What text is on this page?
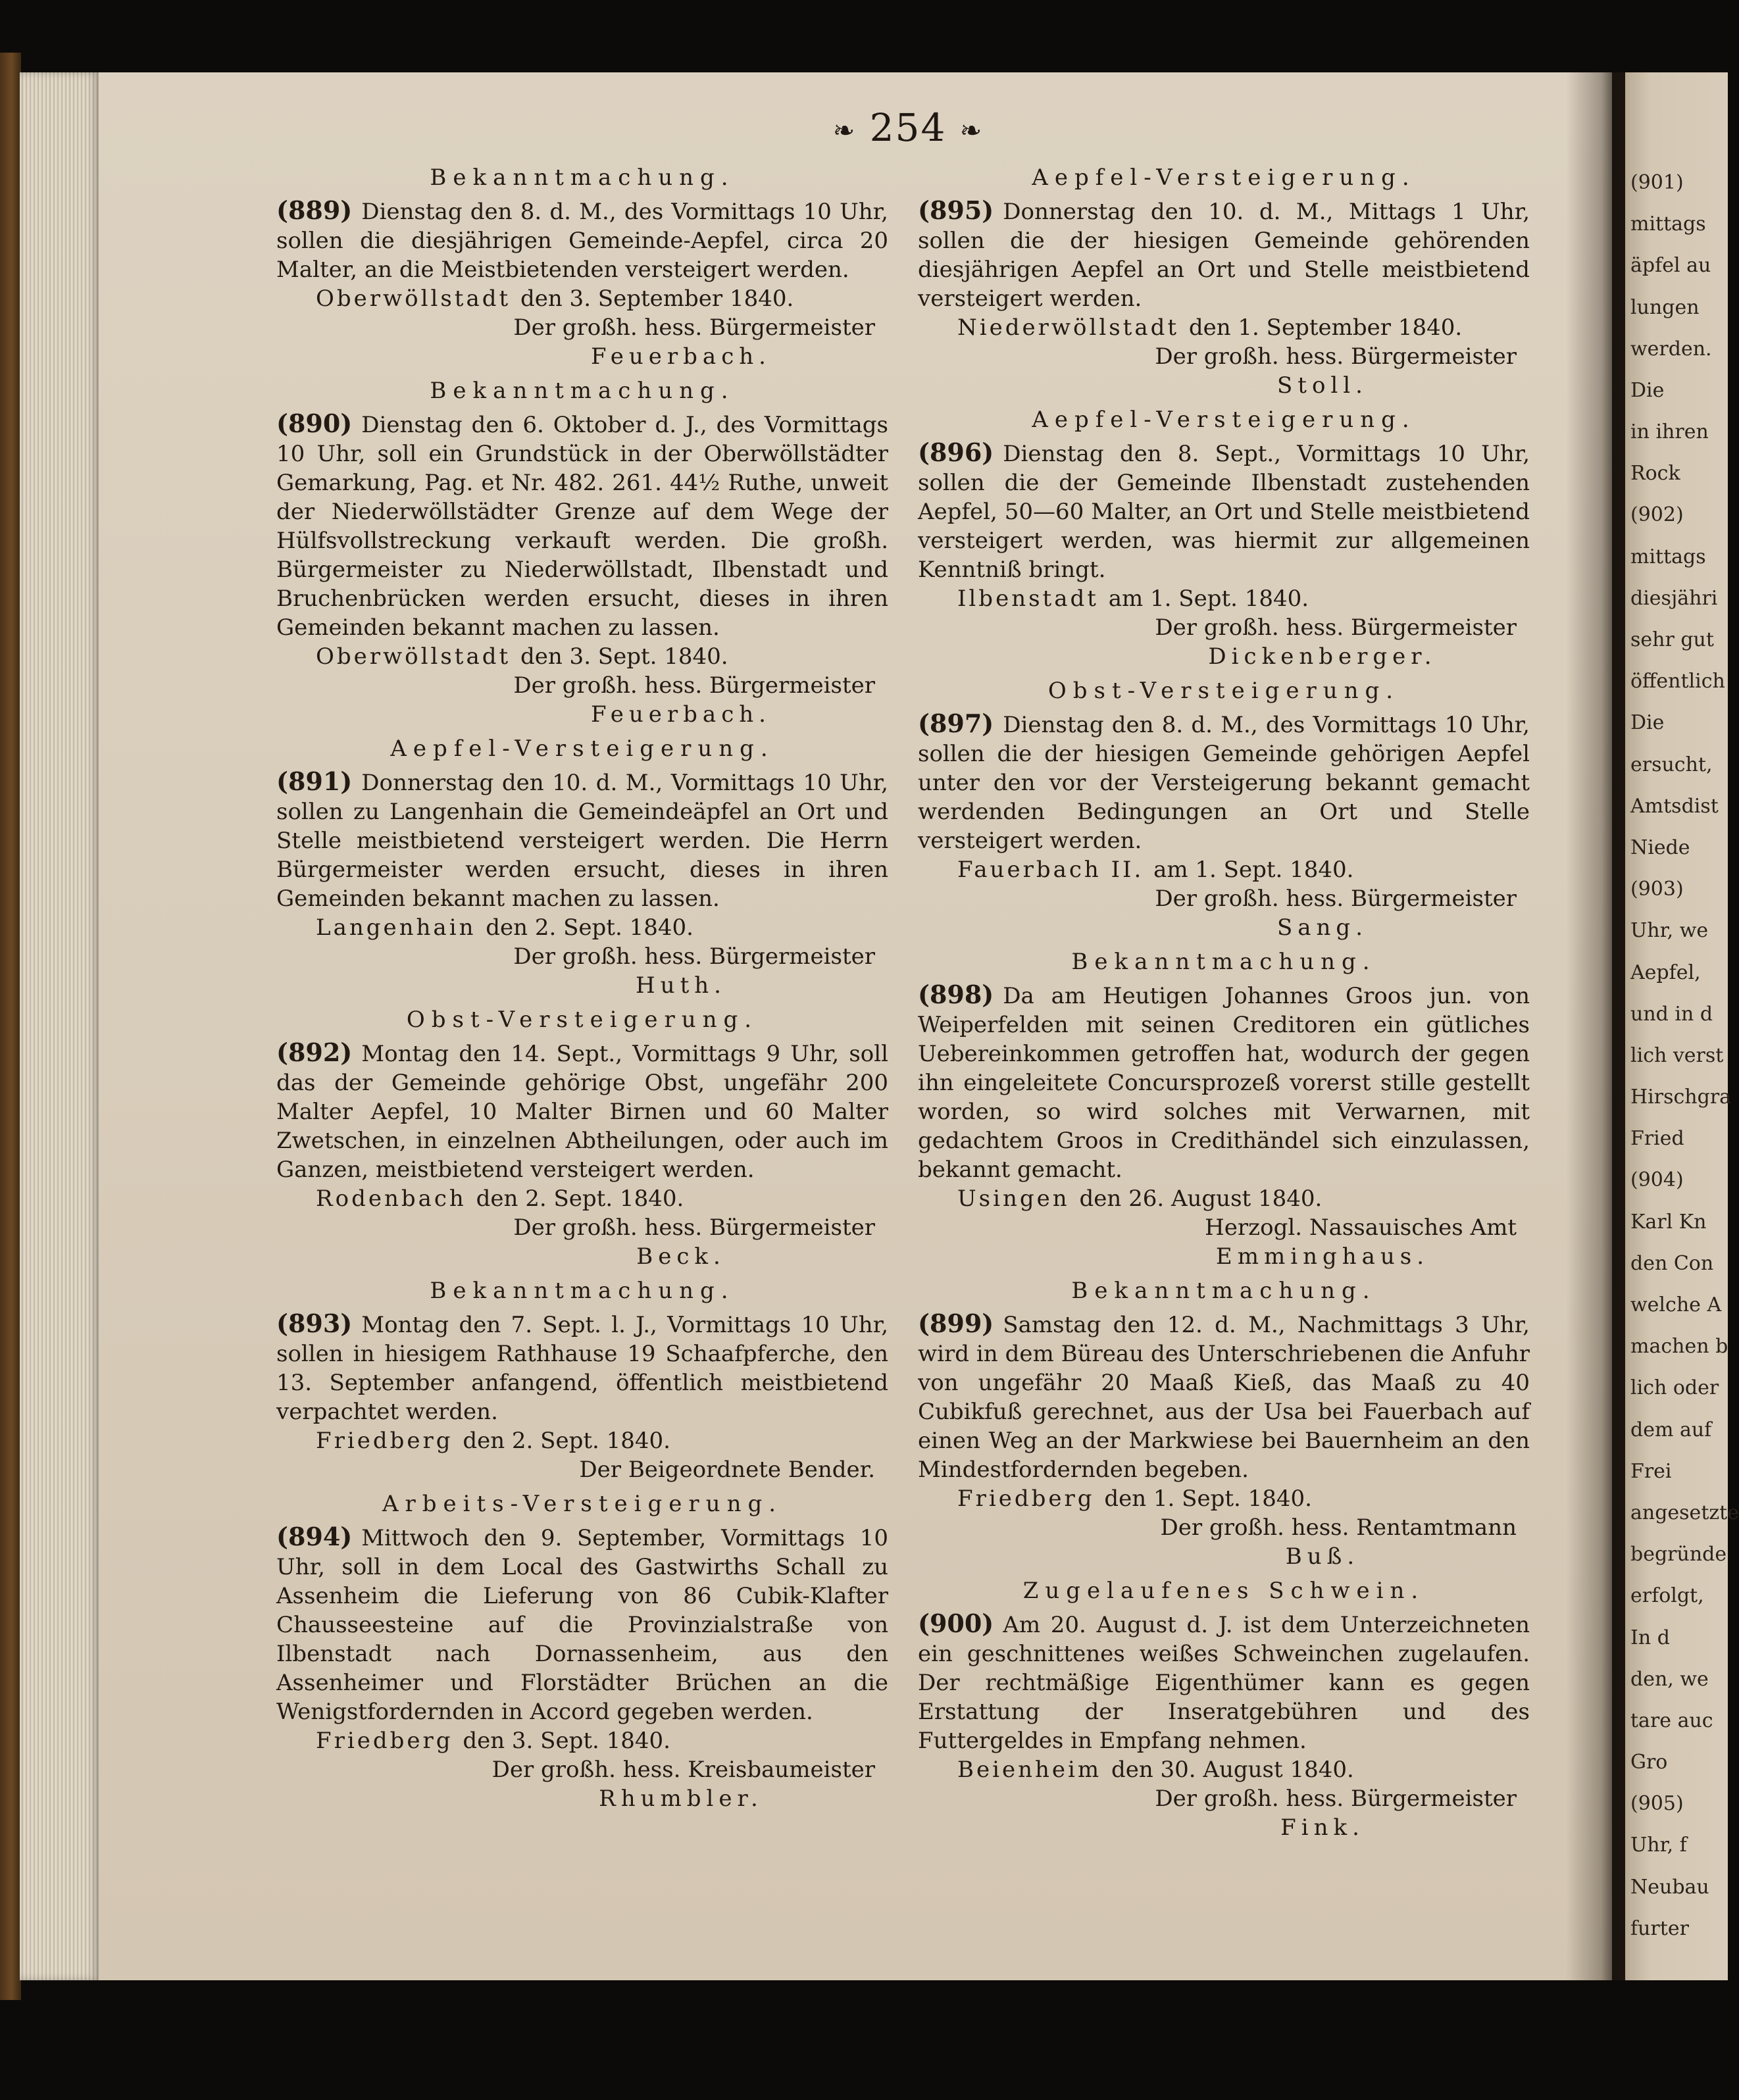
(901)
mittags
äpfel au
lungen
werden.
Die
in ihren
Rock
(902)
mittags
diesjähri
sehr gut
öffentlich
Die
ersucht,
Amtsdist
Niede
(903)
Uhr, we
Aepfel,
und in d
lich verst
Hirschgra
Fried
(904)
Karl Kn
den Con
welche A
machen b
lich oder
dem auf
Frei
angesetzte
begründe
erfolgt,
In d
den, we
tare auc
Gro
(905)
Uhr, f
Neubau
furter
❧ 254 ❧
Bekanntmachung.

(889) Dienstag den 8. d. M., des Vormittags 10 Uhr, sollen die diesjährigen Gemeinde-Aepfel, circa 20 Malter, an die Meistbietenden versteigert werden.

Oberwöllstadt den 3. September 1840.
Der großh. hess. Bürgermeister
Feuerbach.
Bekanntmachung.

(890) Dienstag den 6. Oktober d. J., des Vormittags 10 Uhr, soll ein Grundstück in der Oberwöllstädter Gemarkung, Pag. et Nr. 482. 261. 44½ Ruthe, unweit der Niederwöllstädter Grenze auf dem Wege der Hülfsvollstreckung verkauft werden. Die großh. Bürgermeister zu Niederwöllstadt, Ilbenstadt und Bruchenbrücken werden ersucht, dieses in ihren Gemeinden bekannt machen zu lassen.

Oberwöllstadt den 3. Sept. 1840.
Der großh. hess. Bürgermeister
Feuerbach.
Aepfel-Versteigerung.

(891) Donnerstag den 10. d. M., Vormittags 10 Uhr, sollen zu Langenhain die Gemeindeäpfel an Ort und Stelle meistbietend versteigert werden. Die Herrn Bürgermeister werden ersucht, dieses in ihren Gemeinden bekannt machen zu lassen.

Langenhain den 2. Sept. 1840.
Der großh. hess. Bürgermeister
Huth.
Obst-Versteigerung.

(892) Montag den 14. Sept., Vormittags 9 Uhr, soll das der Gemeinde gehörige Obst, ungefähr 200 Malter Aepfel, 10 Malter Birnen und 60 Malter Zwetschen, in einzelnen Abtheilungen, oder auch im Ganzen, meistbietend versteigert werden.

Rodenbach den 2. Sept. 1840.
Der großh. hess. Bürgermeister
Beck.
Bekanntmachung.

(893) Montag den 7. Sept. l. J., Vormittags 10 Uhr, sollen in hiesigem Rathhause 19 Schaafpferche, den 13. September anfangend, öffentlich meistbietend verpachtet werden.

Friedberg den 2. Sept. 1840.
Der Beigeordnete Bender.
Arbeits-Versteigerung.

(894) Mittwoch den 9. September, Vormittags 10 Uhr, soll in dem Local des Gastwirths Schall zu Assenheim die Lieferung von 86 Cubik-Klafter Chausseesteine auf die Provinzialstraße von Ilbenstadt nach Dornassenheim, aus den Assenheimer und Florstädter Brüchen an die Wenigstfordernden in Accord gegeben werden.

Friedberg den 3. Sept. 1840.
Der großh. hess. Kreisbaumeister
Rhumbler.
Aepfel-Versteigerung.

(895) Donnerstag den 10. d. M., Mittags 1 Uhr, sollen die der hiesigen Gemeinde gehörenden diesjährigen Aepfel an Ort und Stelle meistbietend versteigert werden.

Niederwöllstadt den 1. September 1840.
Der großh. hess. Bürgermeister
Stoll.
Aepfel-Versteigerung.

(896) Dienstag den 8. Sept., Vormittags 10 Uhr, sollen die der Gemeinde Ilbenstadt zustehenden Aepfel, 50—60 Malter, an Ort und Stelle meistbietend versteigert werden, was hiermit zur allgemeinen Kenntniß bringt.

Ilbenstadt am 1. Sept. 1840.
Der großh. hess. Bürgermeister
Dickenberger.
Obst-Versteigerung.

(897) Dienstag den 8. d. M., des Vormittags 10 Uhr, sollen die der hiesigen Gemeinde gehörigen Aepfel unter den vor der Versteigerung bekannt gemacht werdenden Bedingungen an Ort und Stelle versteigert werden.

Fauerbach II. am 1. Sept. 1840.
Der großh. hess. Bürgermeister
Sang.
Bekanntmachung.

(898) Da am Heutigen Johannes Groos jun. von Weiperfelden mit seinen Creditoren ein gütliches Uebereinkommen getroffen hat, wodurch der gegen ihn eingeleitete Concursprozeß vorerst stille gestellt worden, so wird solches mit Verwarnen, mit gedachtem Groos in Credithändel sich einzulassen, bekannt gemacht.

Usingen den 26. August 1840.
Herzogl. Nassauisches Amt
Emminghaus.
Bekanntmachung.

(899) Samstag den 12. d. M., Nachmittags 3 Uhr, wird in dem Büreau des Unterschriebenen die Anfuhr von ungefähr 20 Maaß Kieß, das Maaß zu 40 Cubikfuß gerechnet, aus der Usa bei Fauerbach auf einen Weg an der Markwiese bei Bauernheim an den Mindestfordernden begeben.

Friedberg den 1. Sept. 1840.
Der großh. hess. Rentamtmann
Buß.
Zugelaufenes Schwein.

(900) Am 20. August d. J. ist dem Unterzeichneten ein geschnittenes weißes Schweinchen zugelaufen. Der rechtmäßige Eigenthümer kann es gegen Erstattung der Inseratgebühren und des Futtergeldes in Empfang nehmen.

Beienheim den 30. August 1840.
Der großh. hess. Bürgermeister
Fink.
